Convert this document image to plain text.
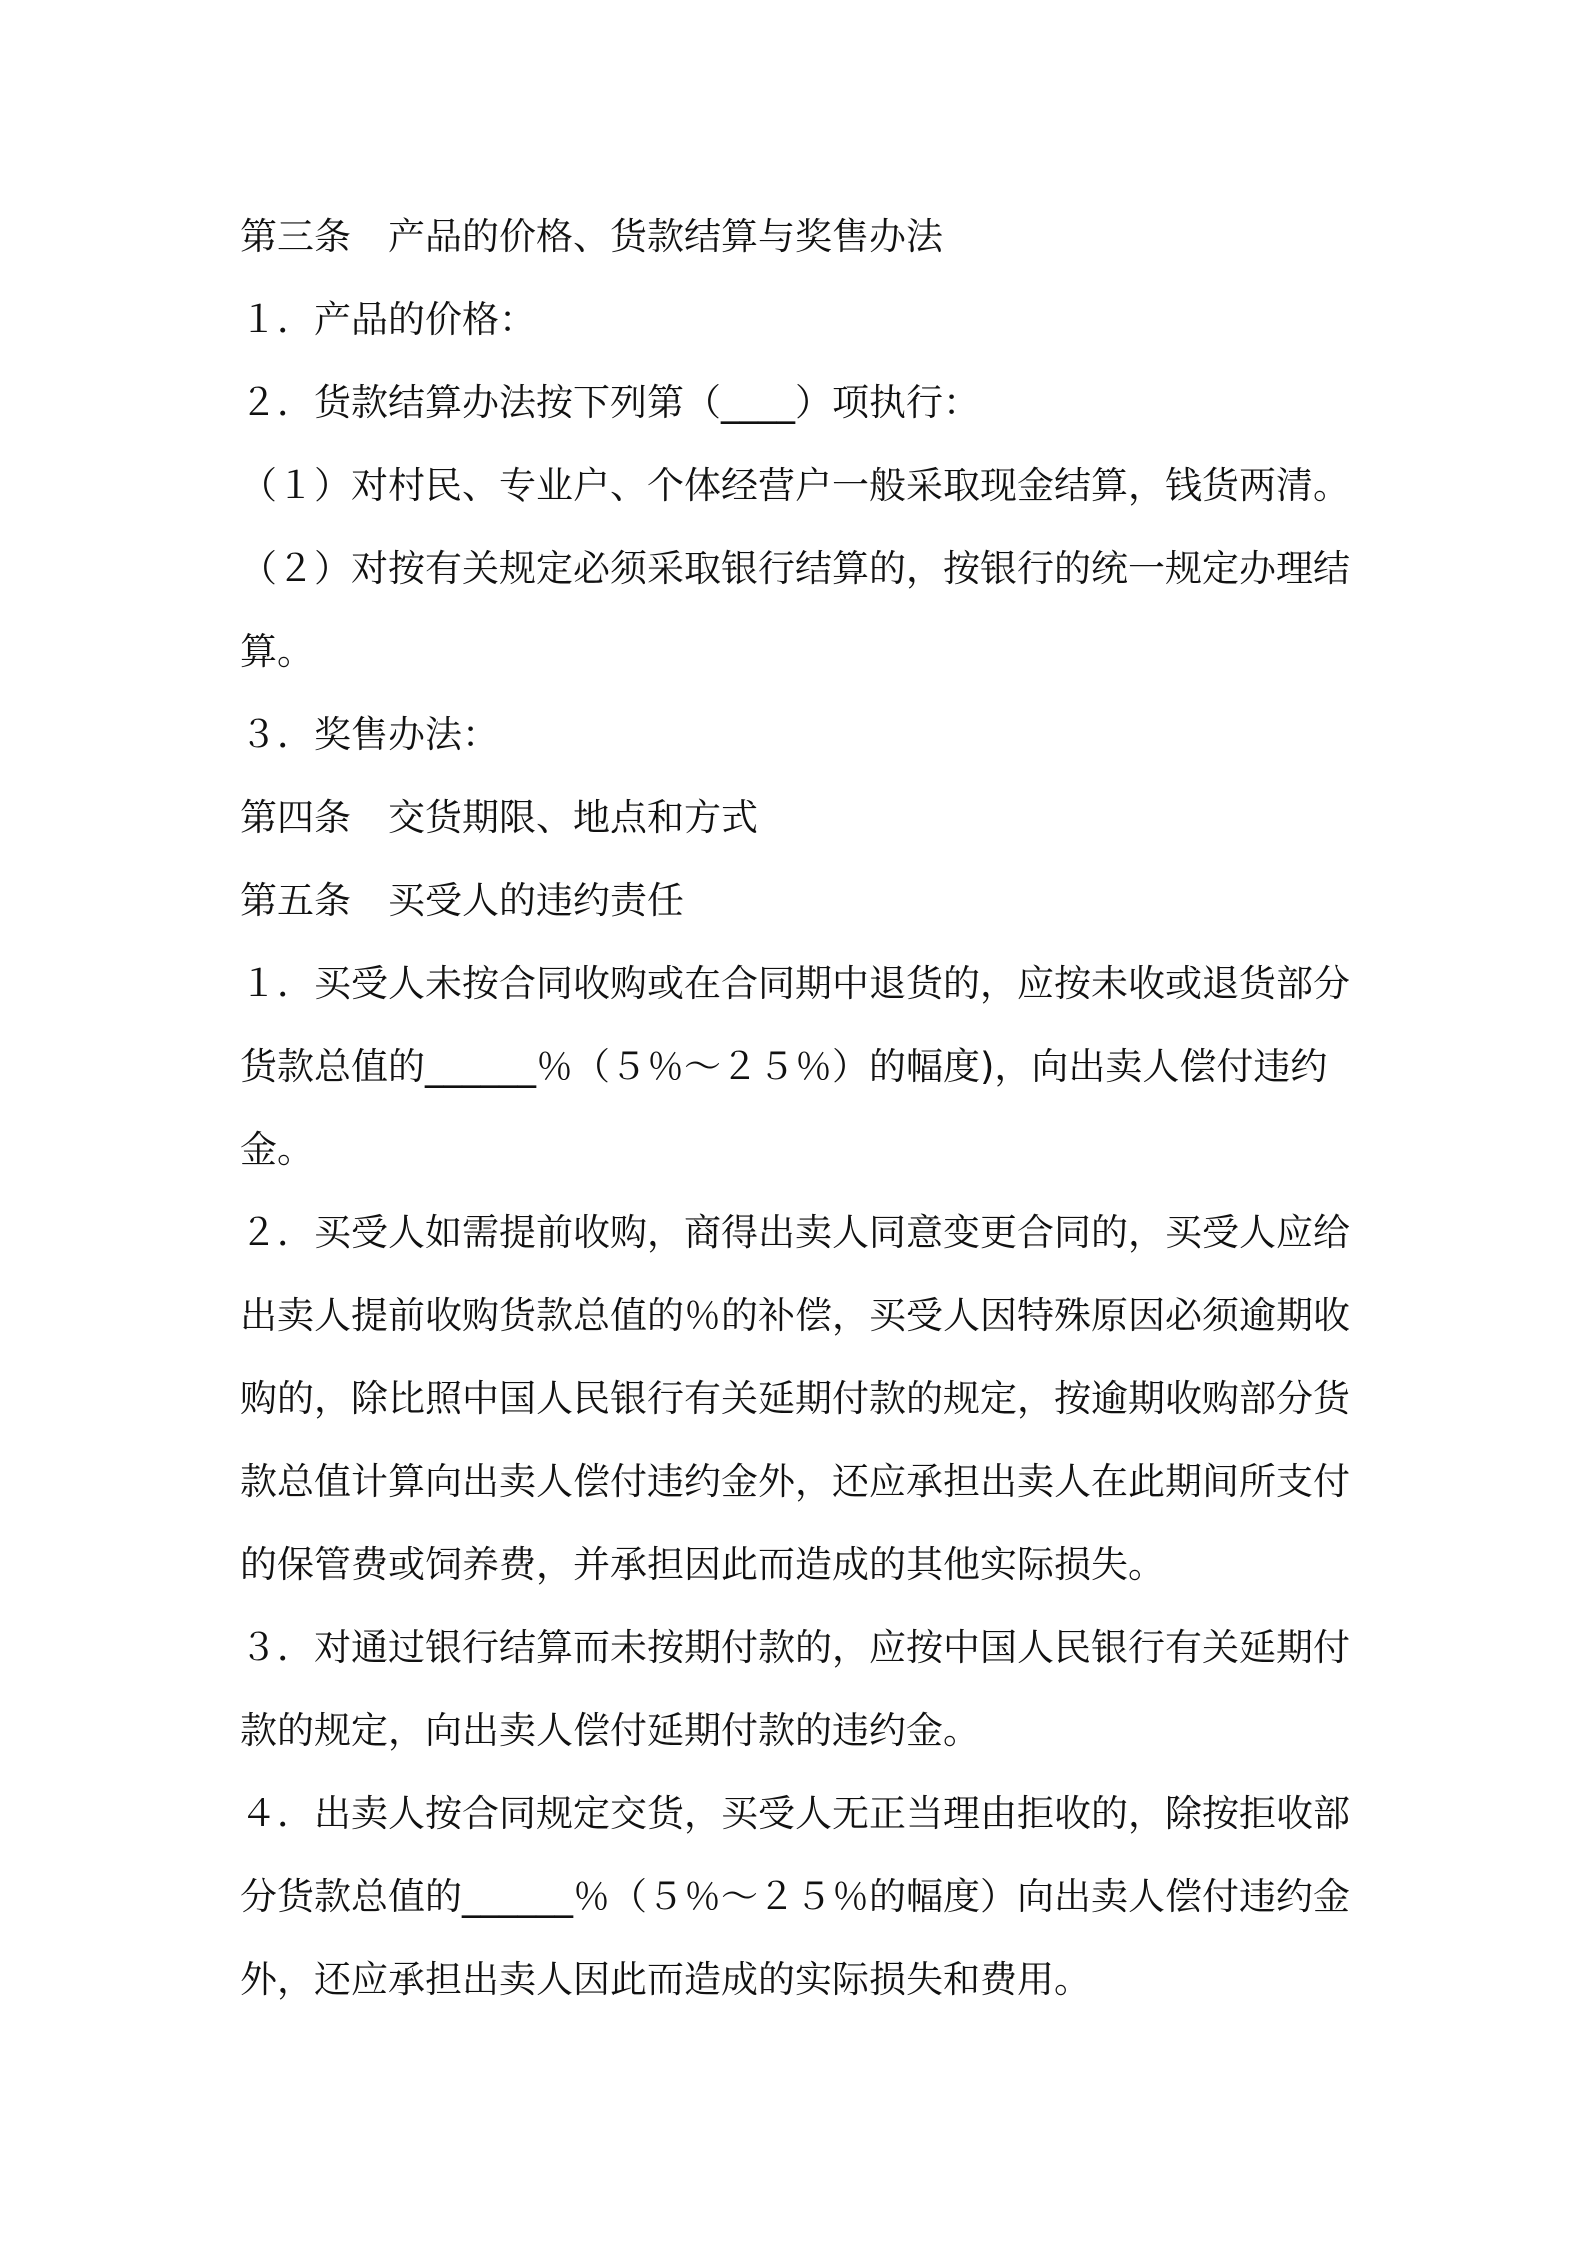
第三条　产品的价格、货款结算与奖售办法
１．产品的价格：
２．货款结算办法按下列第（____）项执行：
（１）对村民、专业户、个体经营户一般采取现金结算，钱货两清。
（２）对按有关规定必须采取银行结算的，按银行的统一规定办理结
算。
３．奖售办法：
第四条　交货期限、地点和方式
第五条　买受人的违约责任
１．买受人未按合同收购或在合同期中退货的，应按未收或退货部分
货款总值的______％（５％～２５％）的幅度)，向出卖人偿付违约
金。
２．买受人如需提前收购，商得出卖人同意变更合同的，买受人应给
出卖人提前收购货款总值的％的补偿，买受人因特殊原因必须逾期收
购的，除比照中国人民银行有关延期付款的规定，按逾期收购部分货
款总值计算向出卖人偿付违约金外，还应承担出卖人在此期间所支付
的保管费或饲养费，并承担因此而造成的其他实际损失。
３．对通过银行结算而未按期付款的，应按中国人民银行有关延期付
款的规定，向出卖人偿付延期付款的违约金。
４．出卖人按合同规定交货，买受人无正当理由拒收的，除按拒收部
分货款总值的______％（５％～２５％的幅度）向出卖人偿付违约金
外，还应承担出卖人因此而造成的实际损失和费用。
